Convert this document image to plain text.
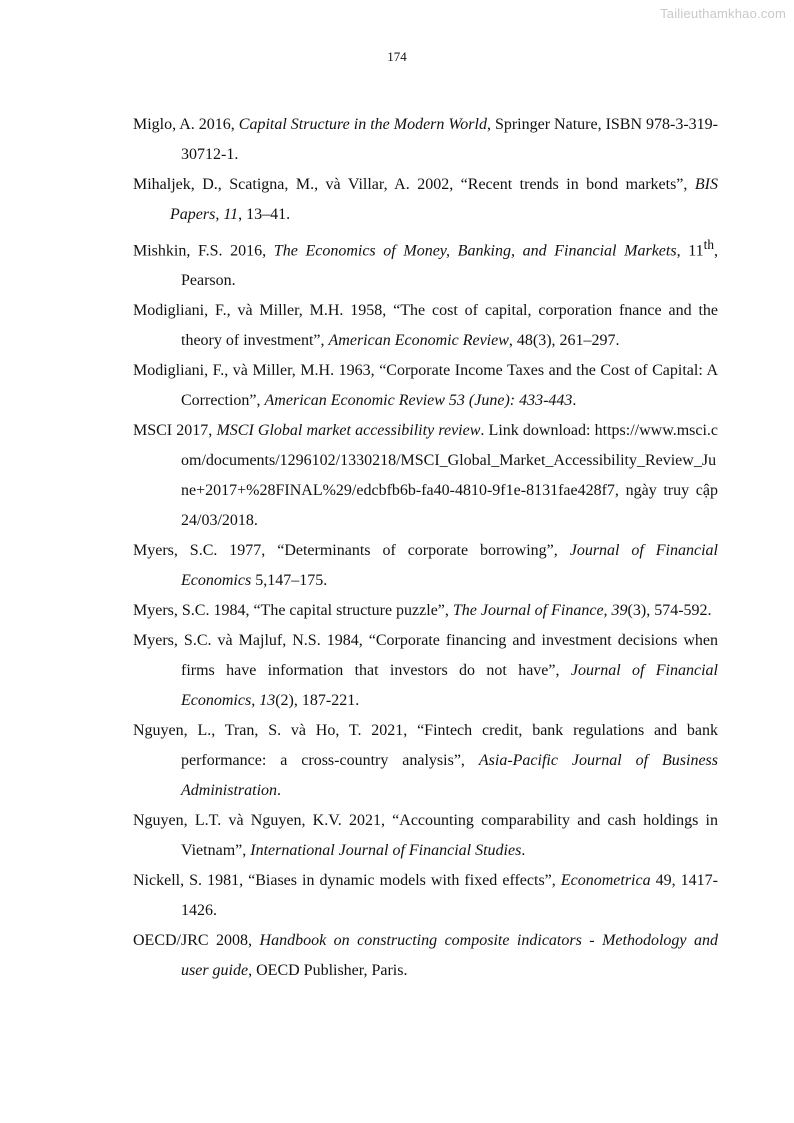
Tailieuthamkhao.com
174

Miglo, A. 2016, Capital Structure in the Modern World, Springer Nature, ISBN 978-3-319-30712-1.

Mihaljek, D., Scatigna, M., và Villar, A. 2002, “Recent trends in bond markets”, BIS Papers, 11, 13–41.

Mishkin, F.S. 2016, The Economics of Money, Banking, and Financial Markets, 11th, Pearson.

Modigliani, F., và Miller, M.H. 1958, “The cost of capital, corporation fnance and the theory of investment”, American Economic Review, 48(3), 261–297.

Modigliani, F., và Miller, M.H. 1963, “Corporate Income Taxes and the Cost of Capital: A Correction”, American Economic Review 53 (June): 433-443.

MSCI 2017, MSCI Global market accessibility review. Link download: https://www.msci.com/documents/1296102/1330218/MSCI_Global_Market_Accessibility_Review_June+2017+%28FINAL%29/edcbfb6b-fa40-4810-9f1e-8131fae428f7, ngày truy cập 24/03/2018.

Myers, S.C. 1977, “Determinants of corporate borrowing”, Journal of Financial Economics 5,147–175.

Myers, S.C. 1984, “The capital structure puzzle”, The Journal of Finance, 39(3), 574-592.

Myers, S.C. và Majluf, N.S. 1984, “Corporate financing and investment decisions when firms have information that investors do not have”, Journal of Financial Economics, 13(2), 187-221.

Nguyen, L., Tran, S. và Ho, T. 2021, “Fintech credit, bank regulations and bank performance: a cross-country analysis”, Asia-Pacific Journal of Business Administration.

Nguyen, L.T. và Nguyen, K.V. 2021, “Accounting comparability and cash holdings in Vietnam”, International Journal of Financial Studies.

Nickell, S. 1981, “Biases in dynamic models with fixed effects”, Econometrica 49, 1417-1426.

OECD/JRC 2008, Handbook on constructing composite indicators - Methodology and user guide, OECD Publisher, Paris.
